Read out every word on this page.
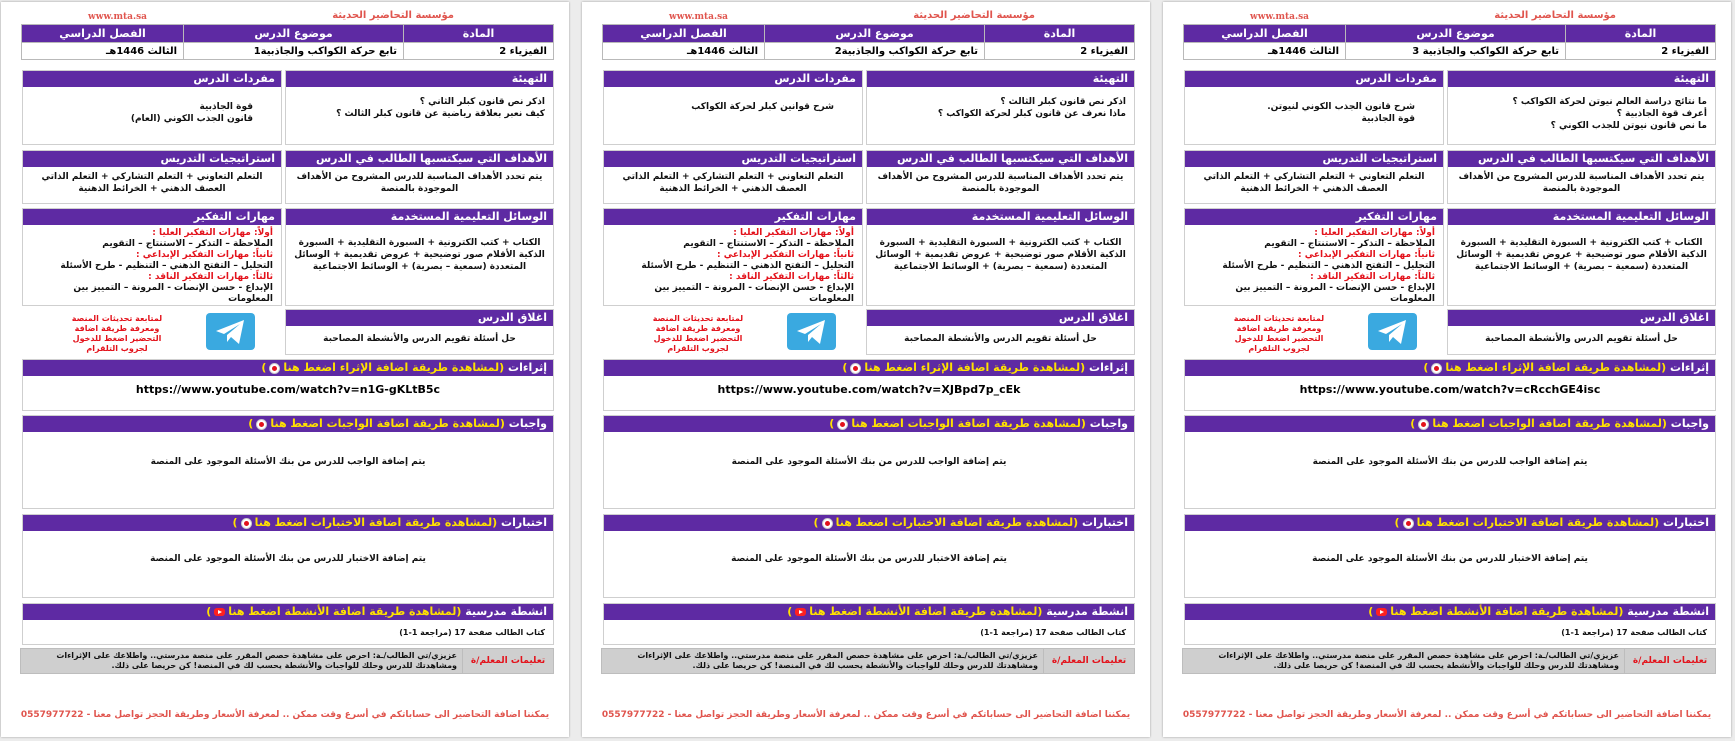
مؤسسة التحاضير الحديثة
www.mta.sa
المادة	موضوع الدرس	الفصل الدراسي
الفيزياء 2	تابع حركة الكواكب والجاذبية 3	الثالث 1446هـ
التهيئة
ما نتائج دراسة العالم نيوتن لحركة الكواكب ؟
أعرف قوة الجاذبية ؟
ما نص قانون نيوتن للجذب الكوني ؟
مفردات الدرس
شرح قانون الجذب الكوني لنيوتن.
قوة الجاذبية
الأهداف التي سيكتسبها الطالب في الدرس
يتم تحدد الأهداف المناسبة للدرس المشروح من الأهداف الموجودة بالمنصة
استراتيجيات التدريس
التعلم التعاوني + التعلم التشاركي + التعلم الذاتي العصف الذهني + الخرائط الذهنية
الوسائل التعليمية المستخدمة
الكتاب + كتب الكترونية + السبورة التقليدية + السبورة الذكية الأقلام صور توضيحية + عروض تقديمية + الوسائل المتعددة (سمعية – بصرية) + الوسائط الاجتماعية
مهارات التفكير
أولاً: مهارات التفكير العليا :
الملاحظة – التذكر – الاستنتاج – التقويم
ثانياً: مهارات التفكير الإبداعي :
التحليل – التفتح الذهني – التنظيم - طرح الأسئلة
ثالثاً: مهارات التفكير الناقد :
الإبداع - حسن الإنصات - المرونة – التمييز بين المعلومات
اغلاق الدرس
حل أسئلة تقويم الدرس والأنشطة المصاحبة
لمتابعة تحديثات المنصة ومعرفة طريقة اضافة التحضير اضغط للدخول لجروب التلقرام
إثراءات (لمشاهدة طريقة اضافة الإثراء اضغط هنا)
https://www.youtube.com/watch?v=cRcchGE4isc
واجبات (لمشاهدة طريقة اضافة الواجبات اضغط هنا)
يتم إضافة الواجب للدرس من بنك الأسئلة الموجود على المنصة
اختبارات (لمشاهدة طريقة اضافة الاختبارات اضغط هنا)
يتم إضافة الاختبار للدرس من بنك الأسئلة الموجود على المنصة
انشطة مدرسية (لمشاهدة طريقة اضافة الأنشطة اضغط هنا)
كتاب الطالب صفحة 17 (مراجعة 1-1)
تعليمات المعلم/ة
عزيزي/تي الطالب/ـة: احرص على مشاهدة حصص المقرر على منصة مدرستي.. واطلاعك على الإثراءات ومشاهدتك للدرس وحلك للواجبات والأنشطة يحسب لك في المنصة! كن حريصا على ذلك.
يمكننا اضافة التحاضير الى حساباتكم في أسرع وقت ممكن .. لمعرفة الأسعار وطريقة الحجز تواصل معنا - 0557977722
مؤسسة التحاضير الحديثة
www.mta.sa
المادة	موضوع الدرس	الفصل الدراسي
الفيزياء 2	تابع حركة الكواكب والجاذبية2	الثالث 1446هـ
التهيئة
اذكر نص قانون كبلر الثالث ؟
ماذا نعرف عن قانون كبلر لحركة الكواكب ؟
مفردات الدرس
شرح قوانين كبلر لحركة الكواكب
الأهداف التي سيكتسبها الطالب في الدرس
يتم تحدد الأهداف المناسبة للدرس المشروح من الأهداف الموجودة بالمنصة
استراتيجيات التدريس
التعلم التعاوني + التعلم التشاركي + التعلم الذاتي العصف الذهني + الخرائط الذهنية
الوسائل التعليمية المستخدمة
الكتاب + كتب الكترونية + السبورة التقليدية + السبورة الذكية الأقلام صور توضيحية + عروض تقديمية + الوسائل المتعددة (سمعية – بصرية) + الوسائط الاجتماعية
مهارات التفكير
أولاً: مهارات التفكير العليا :
الملاحظة – التذكر – الاستنتاج – التقويم
ثانياً: مهارات التفكير الإبداعي :
التحليل – التفتح الذهني – التنظيم - طرح الأسئلة
ثالثاً: مهارات التفكير الناقد :
الإبداع - حسن الإنصات - المرونة – التمييز بين المعلومات
اغلاق الدرس
حل أسئلة تقويم الدرس والأنشطة المصاحبة
لمتابعة تحديثات المنصة ومعرفة طريقة اضافة التحضير اضغط للدخول لجروب التلقرام
إثراءات (لمشاهدة طريقة اضافة الإثراء اضغط هنا)
https://www.youtube.com/watch?v=XJBpd7p_cEk
واجبات (لمشاهدة طريقة اضافة الواجبات اضغط هنا)
يتم إضافة الواجب للدرس من بنك الأسئلة الموجود على المنصة
اختبارات (لمشاهدة طريقة اضافة الاختبارات اضغط هنا)
يتم إضافة الاختبار للدرس من بنك الأسئلة الموجود على المنصة
انشطة مدرسية (لمشاهدة طريقة اضافة الأنشطة اضغط هنا)
كتاب الطالب صفحة 17 (مراجعة 1-1)
تعليمات المعلم/ة
عزيزي/تي الطالب/ـة: احرص على مشاهدة حصص المقرر على منصة مدرستي.. واطلاعك على الإثراءات ومشاهدتك للدرس وحلك للواجبات والأنشطة يحسب لك في المنصة! كن حريصا على ذلك.
يمكننا اضافة التحاضير الى حساباتكم في أسرع وقت ممكن .. لمعرفة الأسعار وطريقة الحجز تواصل معنا - 0557977722
مؤسسة التحاضير الحديثة
www.mta.sa
المادة	موضوع الدرس	الفصل الدراسي
الفيزياء 2	تابع حركة الكواكب والجاذبية1	الثالث 1446هـ
التهيئة
اذكر نص قانون كبلر الثاني ؟
كيف نعبر بعلاقة رياضية عن قانون كبلر الثالث ؟
مفردات الدرس
قوة الجاذبية
قانون الجذب الكوني (العام)
الأهداف التي سيكتسبها الطالب في الدرس
يتم تحدد الأهداف المناسبة للدرس المشروح من الأهداف الموجودة بالمنصة
استراتيجيات التدريس
التعلم التعاوني + التعلم التشاركي + التعلم الذاتي العصف الذهني + الخرائط الذهنية
الوسائل التعليمية المستخدمة
الكتاب + كتب الكترونية + السبورة التقليدية + السبورة الذكية الأقلام صور توضيحية + عروض تقديمية + الوسائل المتعددة (سمعية – بصرية) + الوسائط الاجتماعية
مهارات التفكير
أولاً: مهارات التفكير العليا :
الملاحظة – التذكر – الاستنتاج – التقويم
ثانياً: مهارات التفكير الإبداعي :
التحليل – التفتح الذهني – التنظيم - طرح الأسئلة
ثالثاً: مهارات التفكير الناقد :
الإبداع - حسن الإنصات - المرونة – التمييز بين المعلومات
اغلاق الدرس
حل أسئلة تقويم الدرس والأنشطة المصاحبة
لمتابعة تحديثات المنصة ومعرفة طريقة اضافة التحضير اضغط للدخول لجروب التلقرام
إثراءات (لمشاهدة طريقة اضافة الإثراء اضغط هنا)
https://www.youtube.com/watch?v=n1G-gKLtB5c
واجبات (لمشاهدة طريقة اضافة الواجبات اضغط هنا)
يتم إضافة الواجب للدرس من بنك الأسئلة الموجود على المنصة
اختبارات (لمشاهدة طريقة اضافة الاختبارات اضغط هنا)
يتم إضافة الاختبار للدرس من بنك الأسئلة الموجود على المنصة
انشطة مدرسية (لمشاهدة طريقة اضافة الأنشطة اضغط هنا)
كتاب الطالب صفحة 17 (مراجعة 1-1)
تعليمات المعلم/ة
عزيزي/تي الطالب/ـة: احرص على مشاهدة حصص المقرر على منصة مدرستي.. واطلاعك على الإثراءات ومشاهدتك للدرس وحلك للواجبات والأنشطة يحسب لك في المنصة! كن حريصا على ذلك.
يمكننا اضافة التحاضير الى حساباتكم في أسرع وقت ممكن .. لمعرفة الأسعار وطريقة الحجز تواصل معنا - 0557977722
